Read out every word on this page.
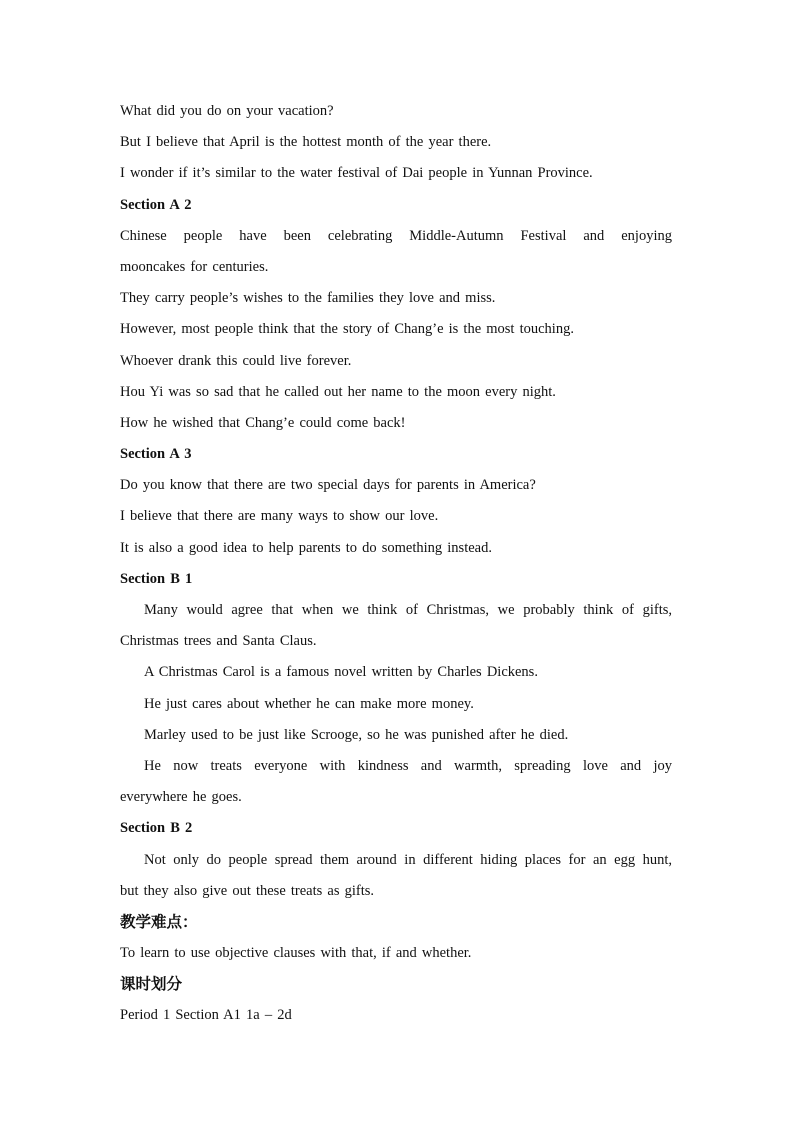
What did you do on your vacation?
But I believe that April is the hottest month of the year there.
I wonder if it’s similar to the water festival of Dai people in Yunnan Province.
Section A 2
Chinese people have been celebrating Middle-Autumn Festival and enjoying
mooncakes for centuries.
They carry people’s wishes to the families they love and miss.
However, most people think that the story of Chang’e is the most touching.
Whoever drank this could live forever.
Hou Yi was so sad that he called out her name to the moon every night.
How he wished that Chang’e could come back!
Section A 3
Do you know that there are two special days for parents in America?
I believe that there are many ways to show our love.
It is also a good idea to help parents to do something instead.
Section B 1
Many would agree that when we think of Christmas, we probably think of gifts,
Christmas trees and Santa Claus.
A Christmas Carol is a famous novel written by Charles Dickens.
He just cares about whether he can make more money.
Marley used to be just like Scrooge, so he was punished after he died.
He now treats everyone with kindness and warmth, spreading love and joy
everywhere he goes.
Section B 2
Not only do people spread them around in different hiding places for an egg hunt,
but they also give out these treats as gifts.
教学难点：
To learn to use objective clauses with that, if and whether.
课时划分
Period 1 Section A1 1a – 2d
